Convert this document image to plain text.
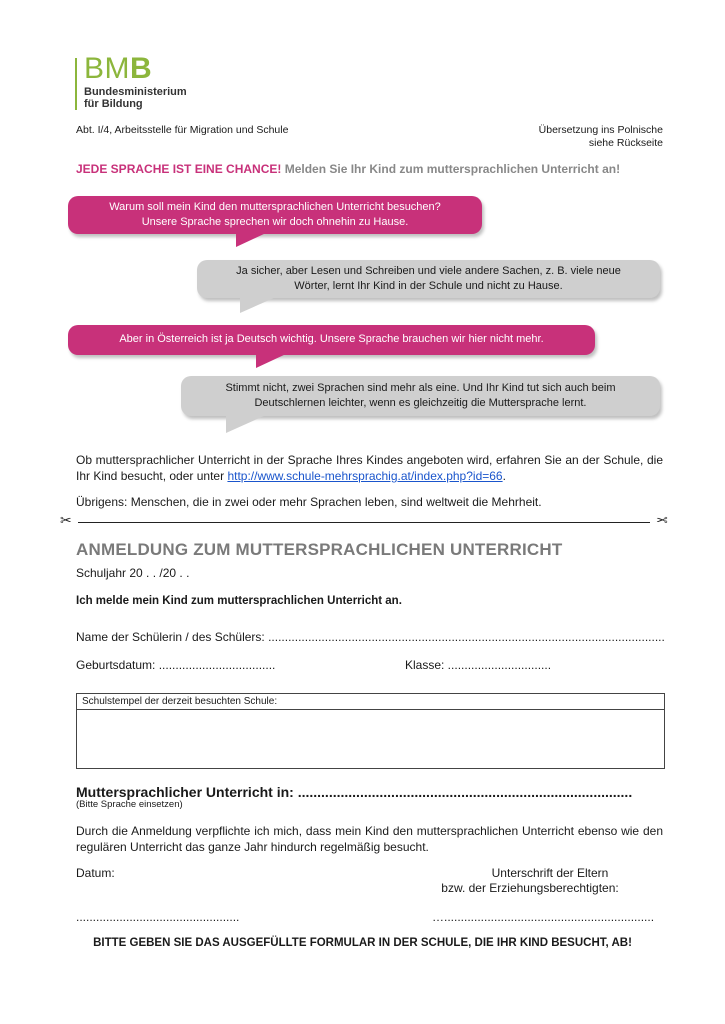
BMB
Bundesministerium
für Bildung
Abt. I/4, Arbeitsstelle für Migration und Schule	Übersetzung ins Polnische
siehe Rückseite
JEDE SPRACHE IST EINE CHANCE! Melden Sie Ihr Kind zum muttersprachlichen Unterricht an!
Warum soll mein Kind den muttersprachlichen Unterricht besuchen?
Unsere Sprache sprechen wir doch ohnehin zu Hause.
Ja sicher, aber Lesen und Schreiben und viele andere Sachen, z. B. viele neue
Wörter, lernt Ihr Kind in der Schule und nicht zu Hause.
Aber in Österreich ist ja Deutsch wichtig. Unsere Sprache brauchen wir hier nicht mehr.
Stimmt nicht, zwei Sprachen sind mehr als eine. Und Ihr Kind tut sich auch beim
Deutschlernen leichter, wenn es gleichzeitig die Muttersprache lernt.
Ob muttersprachlicher Unterricht in der Sprache Ihres Kindes angeboten wird, erfahren Sie an der Schule, die Ihr Kind besucht, oder unter http://www.schule-mehrsprachig.at/index.php?id=66.
Übrigens: Menschen, die in zwei oder mehr Sprachen leben, sind weltweit die Mehrheit.
✂	✂
ANMELDUNG ZUM MUTTERSPRACHLICHEN UNTERRICHT
Schuljahr 20 . . /20 . .
Ich melde mein Kind zum muttersprachlichen Unterricht an.
Name der Schülerin / des Schülers: .......................................................................................................................
Geburtsdatum: ...................................	Klasse: ...............................
Schulstempel der derzeit besuchten Schule:
Muttersprachlicher Unterricht in: ......................................................................................
(Bitte Sprache einsetzen)
Durch die Anmeldung verpflichte ich mich, dass mein Kind den muttersprachlichen Unterricht ebenso wie den regulären Unterricht das ganze Jahr hindurch regelmäßig besucht.
Datum:	Unterschrift der Eltern
bzw. der Erziehungsberechtigten:
.................................................	…...............................................................
BITTE GEBEN SIE DAS AUSGEFÜLLTE FORMULAR IN DER SCHULE, DIE IHR KIND BESUCHT, AB!
